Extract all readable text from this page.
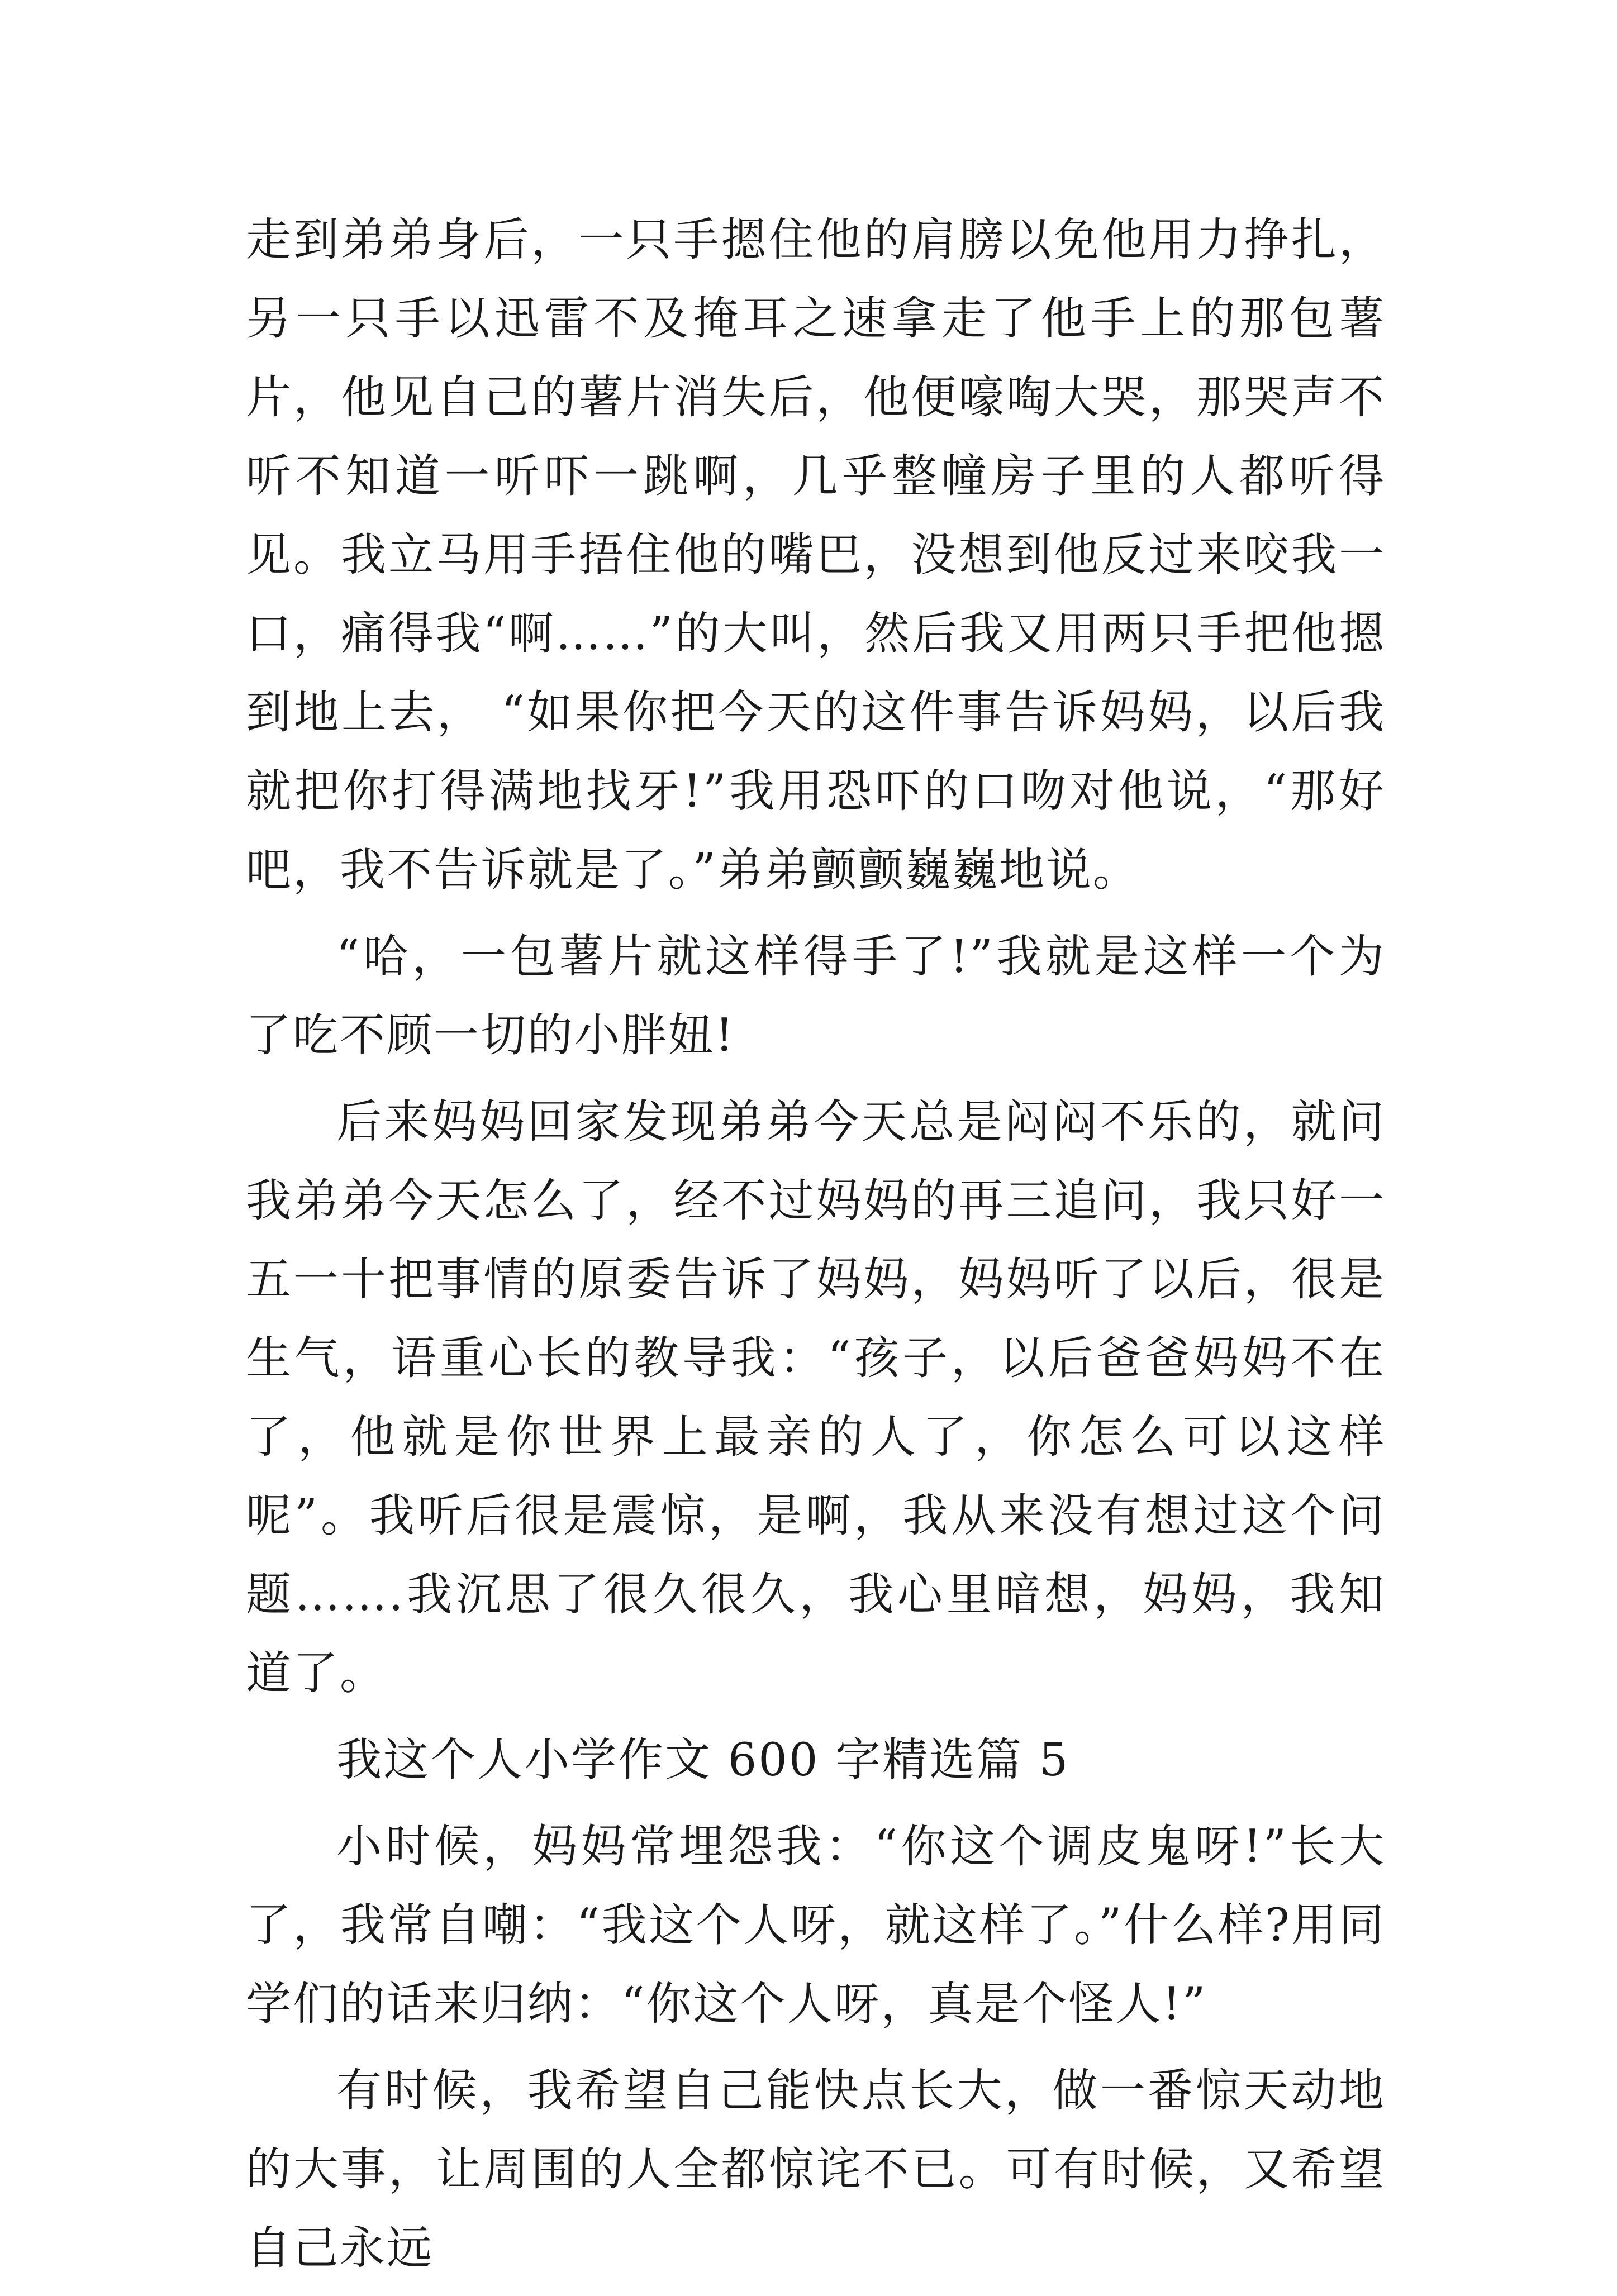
走到弟弟身后，一只手摁住他的肩膀以免他用力挣扎，另一只手以迅雷不及掩耳之速拿走了他手上的那包薯片，他见自己的薯片消失后，他便嚎啕大哭，那哭声不听不知道一听吓一跳啊，几乎整幢房子里的人都听得见。我立马用手捂住他的嘴巴，没想到他反过来咬我一口，痛得我“啊……”的大叫，然后我又用两只手把他摁到地上去， “如果你把今天的这件事告诉妈妈，以后我就把你打得满地找牙!”我用恐吓的口吻对他说，“那好吧，我不告诉就是了。”弟弟颤颤巍巍地说。

“哈，一包薯片就这样得手了!”我就是这样一个为了吃不顾一切的小胖妞!

后来妈妈回家发现弟弟今天总是闷闷不乐的，就问我弟弟今天怎么了，经不过妈妈的再三追问，我只好一五一十把事情的原委告诉了妈妈，妈妈听了以后，很是生气，语重心长的教导我：“孩子，以后爸爸妈妈不在了，他就是你世界上最亲的人了，你怎么可以这样呢”。我听后很是震惊，是啊，我从来没有想过这个问题…….我沉思了很久很久，我心里暗想，妈妈，我知道了。

我这个人小学作文 600 字精选篇 5

小时候，妈妈常埋怨我：“你这个调皮鬼呀!”长大了，我常自嘲：“我这个人呀，就这样了。”什么样?用同学们的话来归纳：“你这个人呀，真是个怪人!”

有时候，我希望自己能快点长大，做一番惊天动地的大事，让周围的人全都惊诧不已。可有时候，又希望自己永远
